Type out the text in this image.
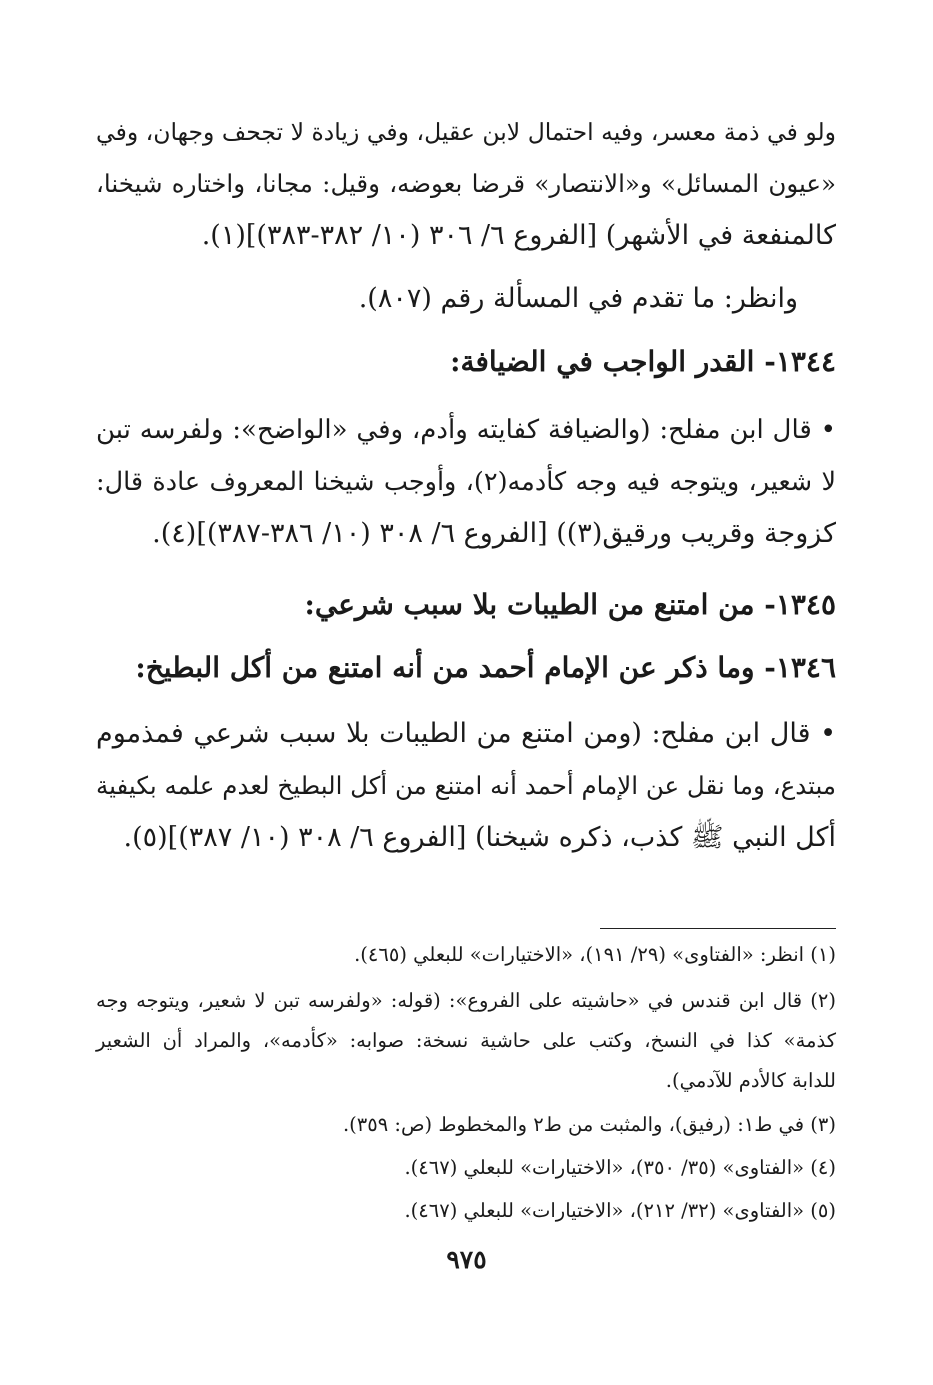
ولو في ذمة معسر، وفيه احتمال لابن عقيل، وفي زيادة لا تجحف وجهان، وفي
«عيون المسائل» و«الانتصار» قرضا بعوضه، وقيل: مجانا، واختاره شيخنا،
كالمنفعة في الأشهر) [الفروع ٦/ ٣٠٦ (١٠/ ٣٨٢-٣٨٣)](١).
وانظر: ما تقدم في المسألة رقم (٨٠٧).
١٣٤٤- القدر الواجب في الضيافة:
• قال ابن مفلح: (والضيافة كفايته وأدم، وفي «الواضح»: ولفرسه تبن
لا شعير، ويتوجه فيه وجه كأدمه(٢)، وأوجب شيخنا المعروف عادة قال:
كزوجة وقريب ورقيق(٣)) [الفروع ٦/ ٣٠٨ (١٠/ ٣٨٦-٣٨٧)](٤).
١٣٤٥- من امتنع من الطيبات بلا سبب شرعي:
١٣٤٦- وما ذكر عن الإمام أحمد من أنه امتنع من أكل البطيخ:
• قال ابن مفلح: (ومن امتنع من الطيبات بلا سبب شرعي فمذموم
مبتدع، وما نقل عن الإمام أحمد أنه امتنع من أكل البطيخ لعدم علمه بكيفية
أكل النبي ﷺ كذب، ذكره شيخنا) [الفروع ٦/ ٣٠٨ (١٠/ ٣٨٧)](٥).
(١) انظر: «الفتاوى» (٢٩/ ١٩١)، «الاختيارات» للبعلي (٤٦٥).
(٢) قال ابن قندس في «حاشيته على الفروع»: (قوله: «ولفرسه تبن لا شعير، ويتوجه وجه
كذمة» كذا في النسخ، وكتب على حاشية نسخة: صوابه: «كأدمه»، والمراد أن الشعير
للدابة كالأدم للآدمي).
(٣) في ط١: (رفيق)، والمثبت من ط٢ والمخطوط (ص: ٣٥٩).
(٤) «الفتاوى» (٣٥/ ٣٥٠)، «الاختيارات» للبعلي (٤٦٧).
(٥) «الفتاوى» (٣٢/ ٢١٢)، «الاختيارات» للبعلي (٤٦٧).
٩٧٥
